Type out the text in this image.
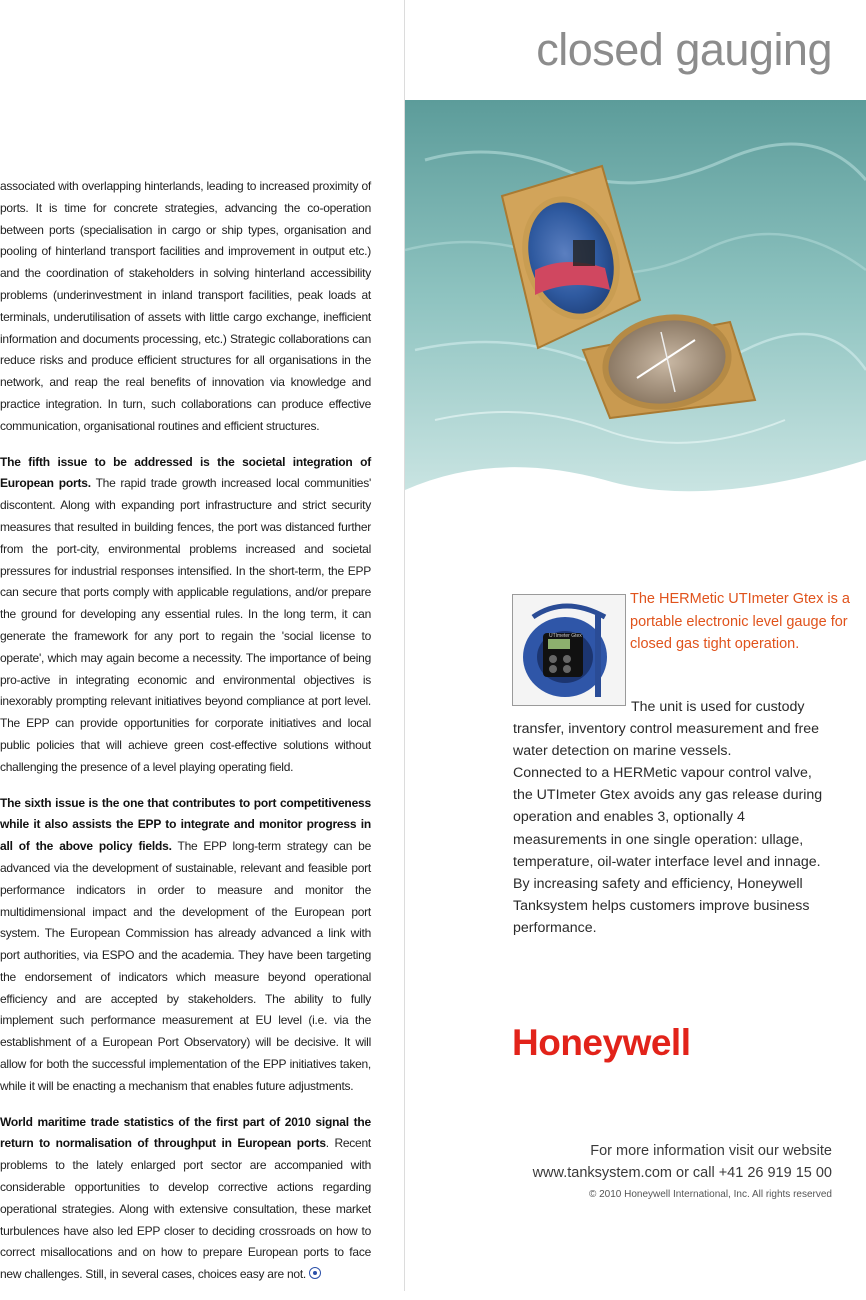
associated with overlapping hinterlands, leading to increased proximity of ports. It is time for concrete strategies, advancing the co-operation between ports (specialisation in cargo or ship types, organisation and pooling of hinterland transport facilities and improvement in output etc.) and the coordination of stakeholders in solving hinterland accessibility problems (underinvestment in inland transport facilities, peak loads at terminals, underutilisation of assets with little cargo exchange, inefficient information and documents processing, etc.) Strategic collaborations can reduce risks and produce efficient structures for all organisations in the network, and reap the real benefits of innovation via knowledge and practice integration. In turn, such collaborations can produce effective communication, organisational routines and efficient structures.

The fifth issue to be addressed is the societal integration of European ports. The rapid trade growth increased local communities' discontent. Along with expanding port infrastructure and strict security measures that resulted in building fences, the port was distanced further from the port-city, environmental problems increased and societal pressures for industrial responses intensified. In the short-term, the EPP can secure that ports comply with applicable regulations, and/or prepare the ground for developing any essential rules. In the long term, it can generate the framework for any port to regain the 'social license to operate', which may again become a necessity. The importance of being pro-active in integrating economic and environmental objectives is inexorably prompting relevant initiatives beyond compliance at port level. The EPP can provide opportunities for corporate initiatives and local public policies that will achieve green cost-effective solutions without challenging the presence of a level playing operating field.

The sixth issue is the one that contributes to port competitiveness while it also assists the EPP to integrate and monitor progress in all of the above policy fields. The EPP long-term strategy can be advanced via the development of sustainable, relevant and feasible port performance indicators in order to measure and monitor the multidimensional impact and the development of the European port system. The European Commission has already advanced a link with port authorities, via ESPO and the academia. They have been targeting the endorsement of indicators which measure beyond operational efficiency and are accepted by stakeholders. The ability to fully implement such performance measurement at EU level (i.e. via the establishment of a European Port Observatory) will be decisive. It will allow for both the successful implementation of the EPP initiatives taken, while it will be enacting a mechanism that enables future adjustments.

World maritime trade statistics of the first part of 2010 signal the return to normalisation of throughput in European ports. Recent problems to the lately enlarged port sector are accompanied with considerable opportunities to develop corrective actions regarding operational strategies. Along with extensive consultation, these market turbulences have also led EPP closer to deciding crossroads on how to correct misallocations and on how to prepare European ports to face new challenges. Still, in several cases, choices easy are not.

closed gauging
UTImeter Gtex
The HERMetic UTImeter Gtex is a portable electronic level gauge for closed gas tight operation.
The unit is used for custody transfer, inventory control measurement and free water detection on marine vessels.
Connected to a HERMetic vapour control valve, the UTImeter Gtex avoids any gas release during operation and enables 3, optionally 4 measurements in one single operation: ullage, temperature, oil-water interface level and innage.
By increasing safety and efficiency, Honeywell Tanksystem helps customers improve business performance.
Honeywell
For more information visit our website
www.tanksystem.com or call +41 26 919 15 00
© 2010 Honeywell International, Inc. All rights reserved
